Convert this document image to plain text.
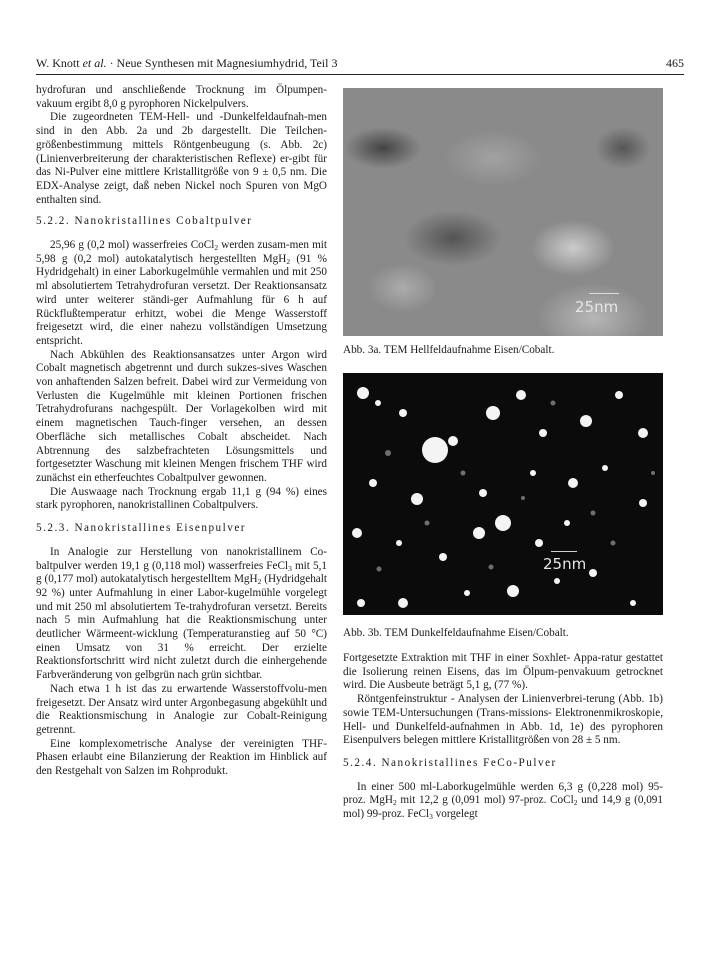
W. Knott et al. · Neue Synthesen mit Magnesiumhydrid, Teil 3	465

hydrofuran und anschließende Trocknung im Ölpumpen-vakuum ergibt 8,0 g pyrophoren Nickelpulvers.

Die zugeordneten TEM-Hell- und -Dunkelfeldaufnah-men sind in den Abb. 2a und 2b dargestellt. Die Teilchen-größenbestimmung mittels Röntgenbeugung (s. Abb. 2c) (Linienverbreiterung der charakteristischen Reflexe) er-gibt für das Ni-Pulver eine mittlere Kristallitgröße von 9 ± 0,5 nm. Die EDX-Analyse zeigt, daß neben Nickel noch Spuren von MgO enthalten sind.

5.2.2. Nanokristallines Cobaltpulver

25,96 g (0,2 mol) wasserfreies CoCl$_2$ werden zusam-men mit 5,98 g (0,2 mol) autokatalytisch hergestellten MgH$_2$ (91 % Hydridgehalt) in einer Laborkugelmühle vermahlen und mit 250 ml absolutiertem Tetrahydrofuran versetzt. Der Reaktionsansatz wird unter weiterer ständi-ger Aufmahlung für 6 h auf Rückflußtemperatur erhitzt, wobei die Menge Wasserstoff freigesetzt wird, die einer nahezu vollständigen Umsetzung entspricht.

Nach Abkühlen des Reaktionsansatzes unter Argon wird Cobalt magnetisch abgetrennt und durch sukzes-sives Waschen von anhaftenden Salzen befreit. Dabei wird zur Vermeidung von Verlusten die Kugelmühle mit kleinen Portionen frischen Tetrahydrofurans nachgespült. Der Vorlagekolben wird mit einem magnetischen Tauch-finger versehen, an dessen Oberfläche sich metallisches Cobalt abscheidet. Nach Abtrennung des salzbefrachteten Lösungsmittels und fortgesetzter Waschung mit kleinen Mengen frischem THF wird zunächst ein etherfeuchtes Cobaltpulver gewonnen.

Die Auswaage nach Trocknung ergab 11,1 g (94 %) eines stark pyrophoren, nanokristallinen Cobaltpulvers.

5.2.3. Nanokristallines Eisenpulver

In Analogie zur Herstellung von nanokristallinem Co-baltpulver werden 19,1 g (0,118 mol) wasserfreies FeCl$_3$ mit 5,1 g (0,177 mol) autokatalytisch hergestelltem MgH$_2$ (Hydridgehalt 92 %) unter Aufmahlung in einer Labor-kugelmühle vorgelegt und mit 250 ml absolutiertem Te-trahydrofuran versetzt. Bereits nach 5 min Aufmahlung hat die Reaktionsmischung unter deutlicher Wärmeent-wicklung (Temperaturanstieg auf 50 °C) einen Umsatz von 31 % erreicht. Der erzielte Reaktionsfortschritt wird nicht zuletzt durch die einhergehende Farbveränderung von gelbgrün nach grün sichtbar.

Nach etwa 1 h ist das zu erwartende Wasserstoffvolu-men freigesetzt. Der Ansatz wird unter Argonbegasung abgekühlt und die Reaktionsmischung in Analogie zur Cobalt-Reinigung getrennt.

Eine komplexometrische Analyse der vereinigten THF-Phasen erlaubt eine Bilanzierung der Reaktion im Hinblick auf den Restgehalt von Salzen im Rohprodukt.

25nm
Abb. 3a. TEM Hellfeldaufnahme Eisen/Cobalt.
25nm
Abb. 3b. TEM Dunkelfeldaufnahme Eisen/Cobalt.

Fortgesetzte Extraktion mit THF in einer Soxhlet- Appa-ratur gestattet die Isolierung reinen Eisens, das im Ölpum-penvakuum getrocknet wird. Die Ausbeute beträgt 5,1 g, (77 %).

Röntgenfeinstruktur - Analysen der Linienverbrei-terung (Abb. 1b) sowie TEM-Untersuchungen (Trans-missions- Elektronenmikroskopie, Hell- und Dunkelfeld-aufnahmen in Abb. 1d, 1e) des pyrophoren Eisenpulvers belegen mittlere Kristallitgrößen von 28 ± 5 nm.

5.2.4. Nanokristallines FeCo-Pulver

In einer 500 ml-Laborkugelmühle werden 6,3 g (0,228 mol) 95-proz. MgH$_2$ mit 12,2 g (0,091 mol) 97-proz. CoCl$_2$ und 14,9 g (0,091 mol) 99-proz. FeCl$_3$ vorgelegt
